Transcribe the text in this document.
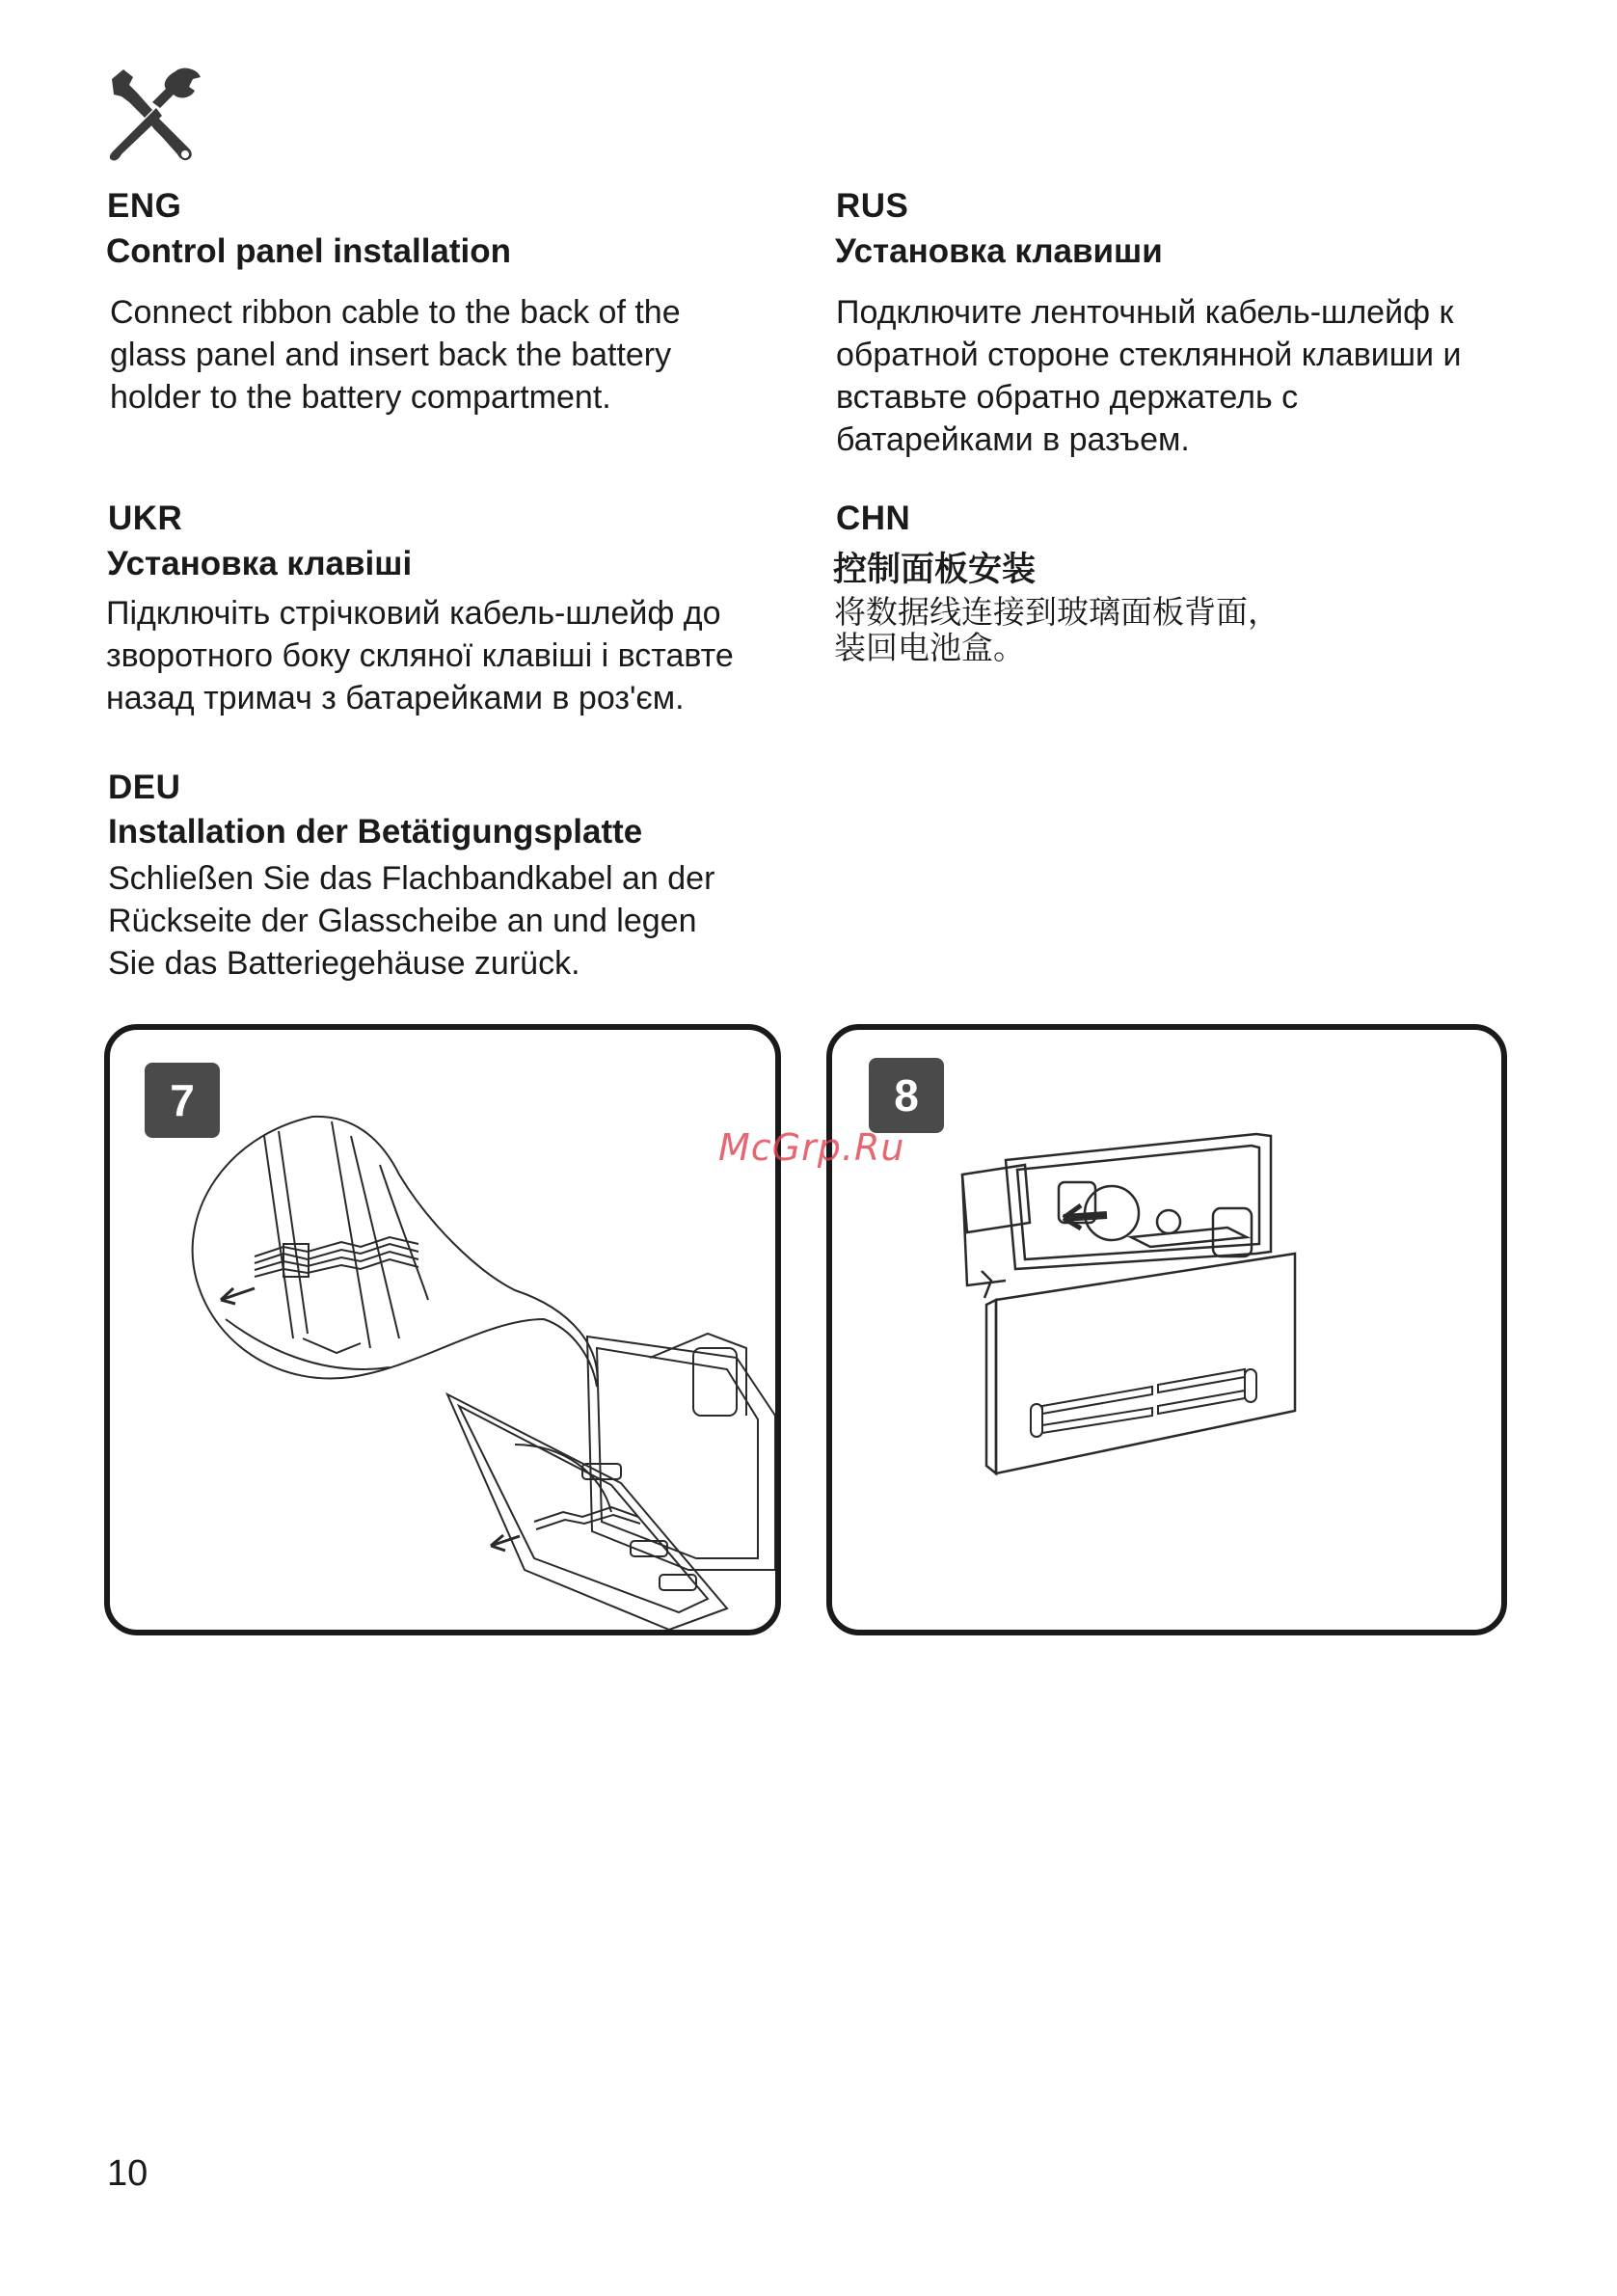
ENG
Control panel installation
Connect ribbon cable to the back of the
glass panel and insert back the battery
holder to the battery compartment.
RUS
Установка клавиши
Подключите ленточный кабель-шлейф к
обратной стороне стеклянной клавиши и
вставьте обратно держатель с
батарейками в разъем.
UKR
Установка клавіші
Підключіть стрічковий кабель-шлейф до
зворотного боку скляної клавіші і вставте
назад тримач з батарейками в роз'єм.
CHN
控制面板安装
将数据线连接到玻璃面板背面，
装回电池盒。
DEU
Installation der Betätigungsplatte
Schließen Sie das Flachbandkabel an der
Rückseite der Glasscheibe an und legen
Sie das Batteriegehäuse zurück.
7	8
McGrp.Ru
10
